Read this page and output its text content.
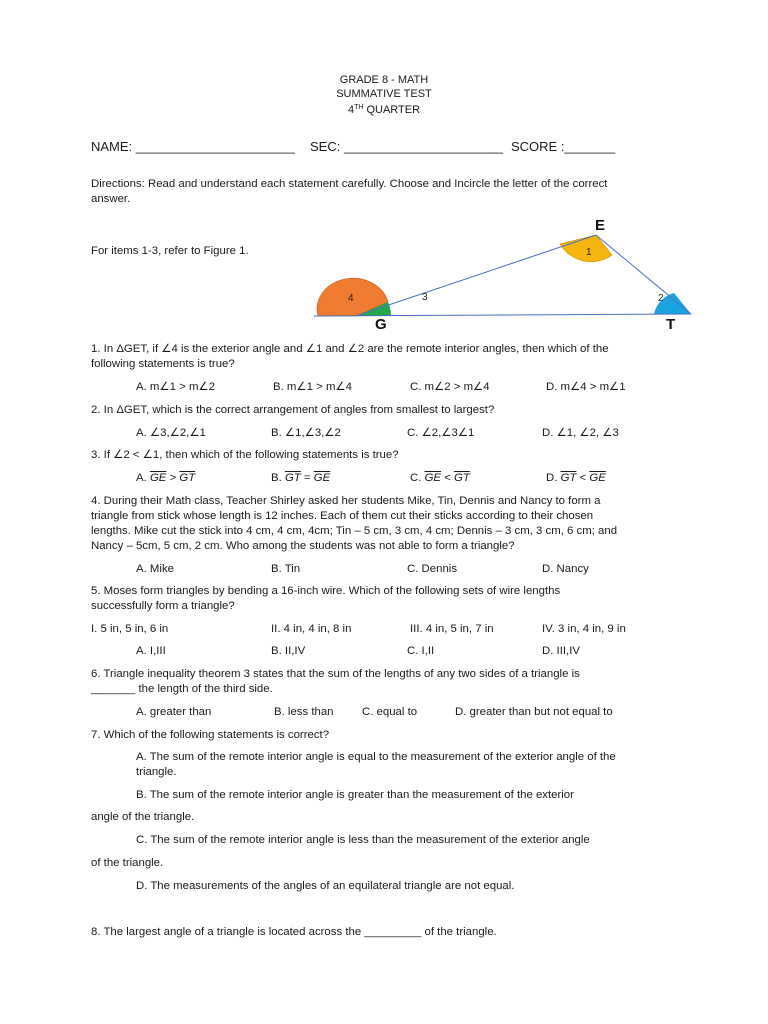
GRADE 8 - MATH
SUMMATIVE TEST
4TH QUARTER
NAME: ______________________ SEC: ______________________ SCORE :_______
Directions: Read and understand each statement carefully. Choose and Incircle the letter of the correct
answer.
For items 1-3, refer to Figure 1.
E
G	T
1
2
3
4
1. In ΔGET, if ∠4 is the exterior angle and ∠1 and ∠2 are the remote interior angles, then which of the
following statements is true?
A. m∠1 > m∠2	B. m∠1 > m∠4	C. m∠2 > m∠4	D. m∠4 > m∠1
2. In ΔGET, which is the correct arrangement of angles from smallest to largest?
A. ∠3,∠2,∠1	B. ∠1,∠3,∠2	C. ∠2,∠3∠1	D. ∠1, ∠2, ∠3
3. If ∠2 < ∠1, then which of the following statements is true?
A. $\overline{GE} > \overline{GT}$	B. $\overline{GT} = \overline{GE}$	C. $\overline{GE} < \overline{GT}$	D. $\overline{GT} < \overline{GE}$
4. During their Math class, Teacher Shirley asked her students Mike, Tin, Dennis and Nancy to form a
triangle from stick whose length is 12 inches. Each of them cut their sticks according to their chosen
lengths. Mike cut the stick into 4 cm, 4 cm, 4cm; Tin – 5 cm, 3 cm, 4 cm; Dennis – 3 cm, 3 cm, 6 cm; and
Nancy – 5cm, 5 cm, 2 cm. Who among the students was not able to form a triangle?
A. Mike	B. Tin	C. Dennis	D. Nancy
5. Moses form triangles by bending a 16-inch wire. Which of the following sets of wire lengths
successfully form a triangle?
I. 5 in, 5 in, 6 in	II. 4 in, 4 in, 8 in	III. 4 in, 5 in, 7 in	IV. 3 in, 4 in, 9 in
A. I,III	B. II,IV	C. I,II	D. III,IV
6. Triangle inequality theorem 3 states that the sum of the lengths of any two sides of a triangle is
_______ the length of the third side.
A. greater than	B. less than C. equal to	D. greater than but not equal to
7. Which of the following statements is correct?
A. The sum of the remote interior angle is equal to the measurement of the exterior angle of the
triangle.
B. The sum of the remote interior angle is greater than the measurement of the exterior
angle of the triangle.
C. The sum of the remote interior angle is less than the measurement of the exterior angle
of the triangle.
D. The measurements of the angles of an equilateral triangle are not equal.
8. The largest angle of a triangle is located across the _________ of the triangle.
